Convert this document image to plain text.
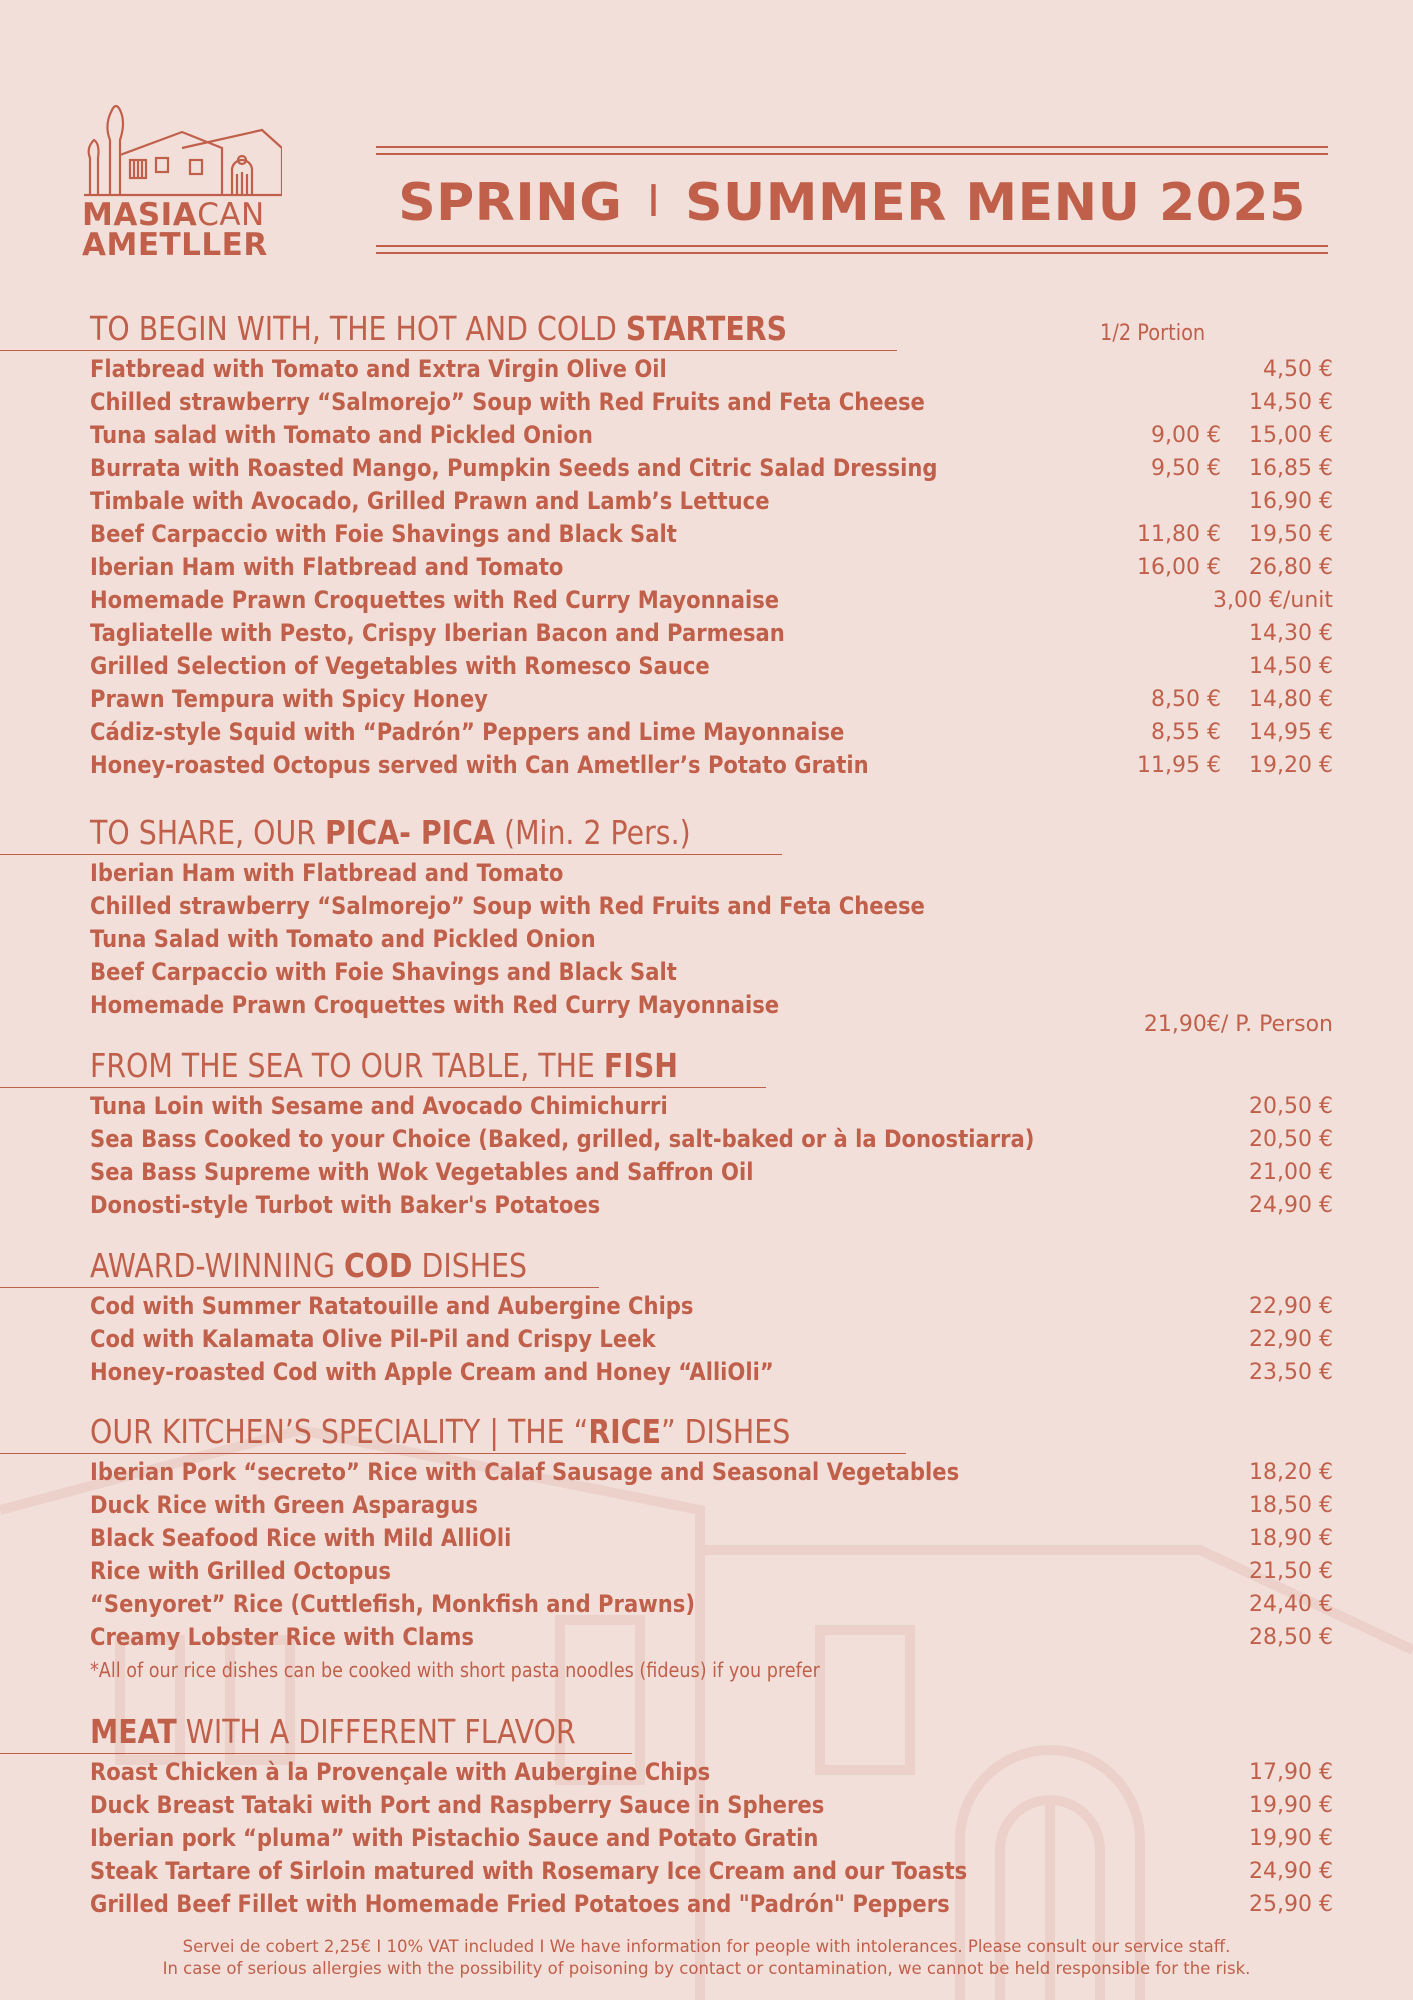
MASIACAN
AMETLLER
SPRING I SUMMER MENU 2025
TO BEGIN WITH, THE HOT AND COLD STARTERS	1/2 Portion
Flatbread with Tomato and Extra Virgin Olive Oil	4,50 €
Chilled strawberry “Salmorejo” Soup with Red Fruits and Feta Cheese	14,50 €
Tuna salad with Tomato and Pickled Onion	9,00 € 15,00 €
Burrata with Roasted Mango, Pumpkin Seeds and Citric Salad Dressing	9,50 € 16,85 €
Timbale with Avocado, Grilled Prawn and Lamb’s Lettuce	16,90 €
Beef Carpaccio with Foie Shavings and Black Salt	11,80 € 19,50 €
Iberian Ham with Flatbread and Tomato	16,00 € 26,80 €
Homemade Prawn Croquettes with Red Curry Mayonnaise	3,00 €/unit
Tagliatelle with Pesto, Crispy Iberian Bacon and Parmesan	14,30 €
Grilled Selection of Vegetables with Romesco Sauce	14,50 €
Prawn Tempura with Spicy Honey	8,50 € 14,80 €
Cádiz-style Squid with “Padrón” Peppers and Lime Mayonnaise	8,55 € 14,95 €
Honey-roasted Octopus served with Can Ametller’s Potato Gratin	11,95 € 19,20 €
TO SHARE, OUR PICA- PICA (Min. 2 Pers.)
Iberian Ham with Flatbread and Tomato
Chilled strawberry “Salmorejo” Soup with Red Fruits and Feta Cheese
Tuna Salad with Tomato and Pickled Onion
Beef Carpaccio with Foie Shavings and Black Salt
Homemade Prawn Croquettes with Red Curry Mayonnaise
21,90€/ P. Person
FROM THE SEA TO OUR TABLE, THE FISH
Tuna Loin with Sesame and Avocado Chimichurri	20,50 €
Sea Bass Cooked to your Choice (Baked, grilled, salt-baked or à la Donostiarra)	20,50 €
Sea Bass Supreme with Wok Vegetables and Saffron Oil	21,00 €
Donosti-style Turbot with Baker's Potatoes	24,90 €
AWARD-WINNING COD DISHES
Cod with Summer Ratatouille and Aubergine Chips	22,90 €
Cod with Kalamata Olive Pil-Pil and Crispy Leek	22,90 €
Honey-roasted Cod with Apple Cream and Honey “AlliOli”	23,50 €
OUR KITCHEN’S SPECIALITY | THE “RICE” DISHES
Iberian Pork “secreto” Rice with Calaf Sausage and Seasonal Vegetables	18,20 €
Duck Rice with Green Asparagus	18,50 €
Black Seafood Rice with Mild AlliOli	18,90 €
Rice with Grilled Octopus	21,50 €
“Senyoret” Rice (Cuttlefish, Monkfish and Prawns)	24,40 €
Creamy Lobster Rice with Clams	28,50 €
*All of our rice dishes can be cooked with short pasta noodles (fideus) if you prefer
MEAT WITH A DIFFERENT FLAVOR
Roast Chicken à la Provençale with Aubergine Chips	17,90 €
Duck Breast Tataki with Port and Raspberry Sauce in Spheres	19,90 €
Iberian pork “pluma” with Pistachio Sauce and Potato Gratin	19,90 €
Steak Tartare of Sirloin matured with Rosemary Ice Cream and our Toasts	24,90 €
Grilled Beef Fillet with Homemade Fried Potatoes and "Padrón" Peppers	25,90 €
Servei de cobert 2,25€ I 10% VAT included I We have information for people with intolerances. Please consult our service staff.
In case of serious allergies with the possibility of poisoning by contact or contamination, we cannot be held responsible for the risk.
